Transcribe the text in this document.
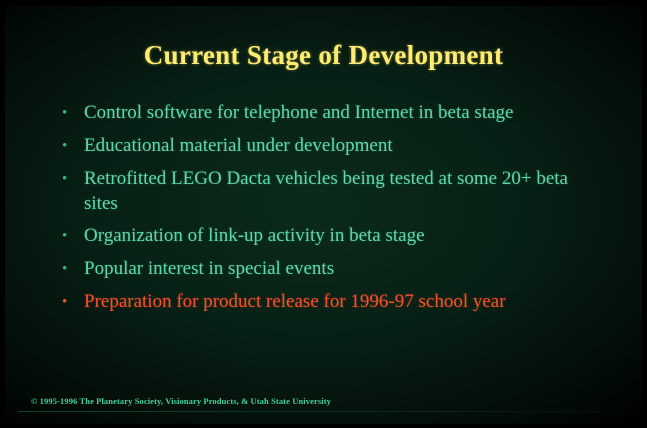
Current Stage of Development
• Control software for telephone and Internet in beta stage
• Educational material under development
• Retrofitted LEGO Dacta vehicles being tested at some 20+ beta sites
• Organization of link-up activity in beta stage
• Popular interest in special events
• Preparation for product release for 1996-97 school year
© 1995-1996 The Planetary Society, Visionary Products, & Utah State University
